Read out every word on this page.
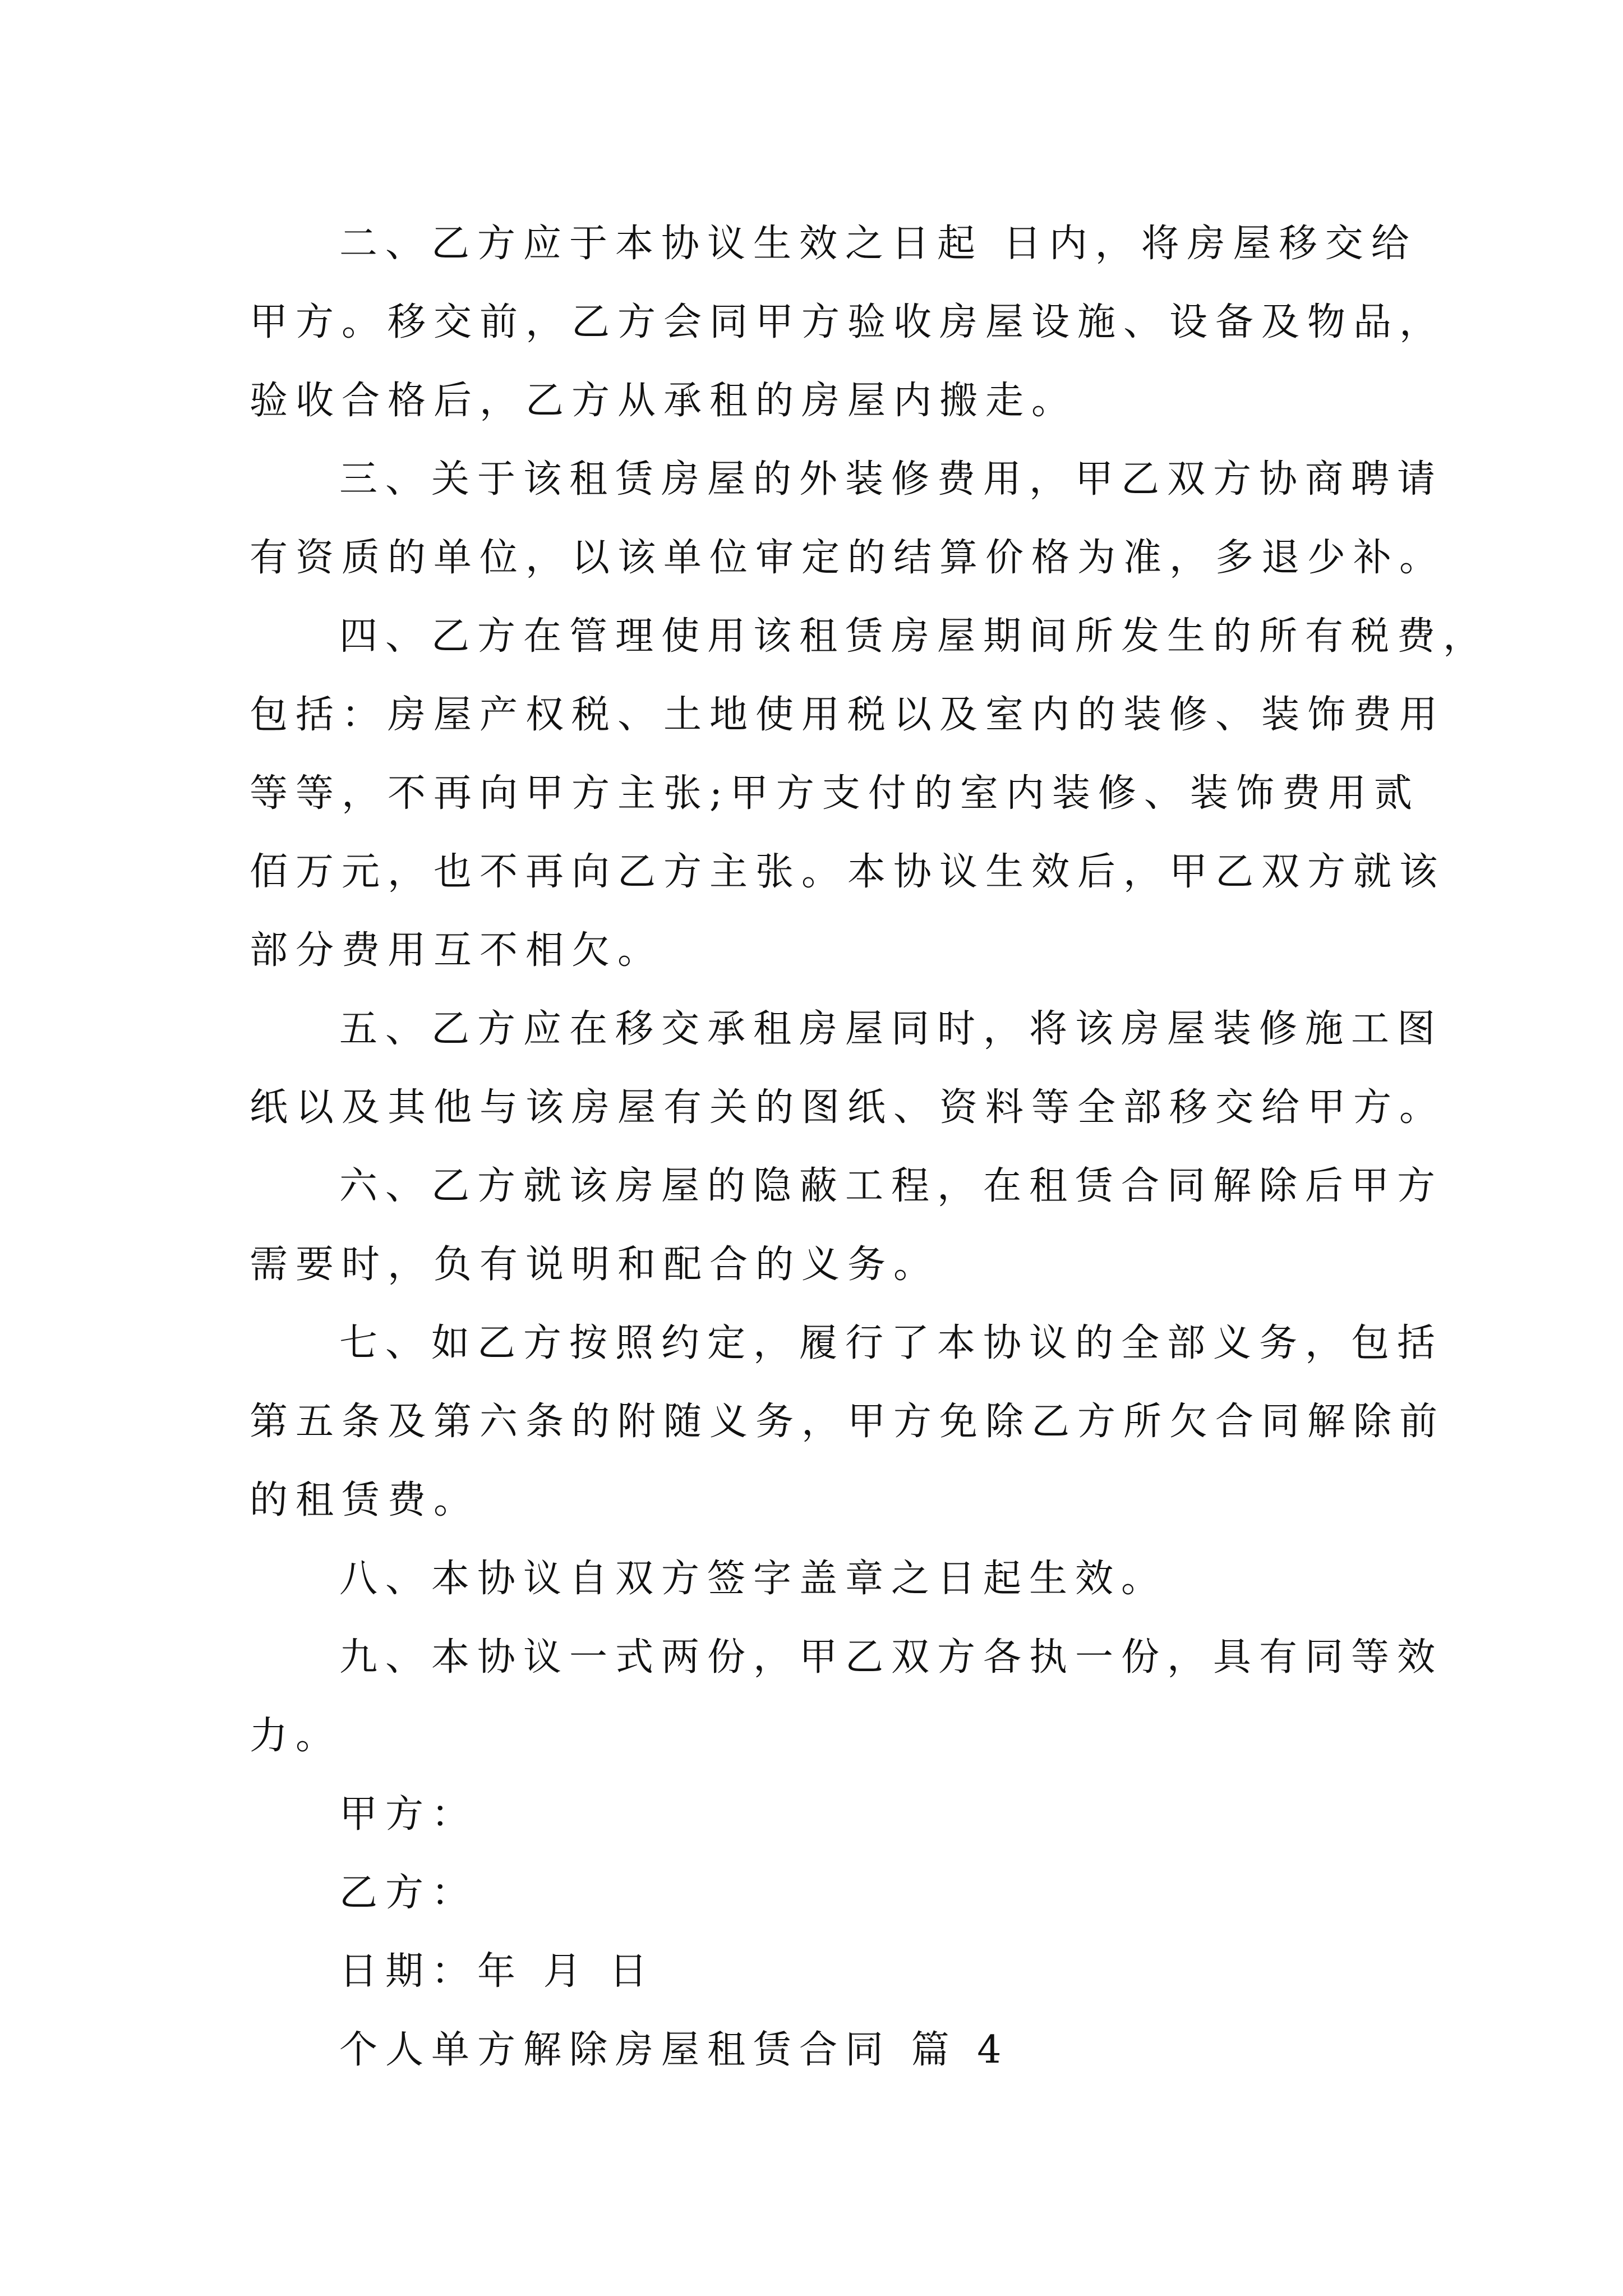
二、乙方应于本协议生效之日起 日内，将房屋移交给
甲方。移交前，乙方会同甲方验收房屋设施、设备及物品，
验收合格后，乙方从承租的房屋内搬走。
三、关于该租赁房屋的外装修费用，甲乙双方协商聘请
有资质的单位，以该单位审定的结算价格为准，多退少补。
四、乙方在管理使用该租赁房屋期间所发生的所有税费，
包括：房屋产权税、土地使用税以及室内的装修、装饰费用
等等，不再向甲方主张;甲方支付的室内装修、装饰费用贰
佰万元，也不再向乙方主张。本协议生效后，甲乙双方就该
部分费用互不相欠。
五、乙方应在移交承租房屋同时，将该房屋装修施工图
纸以及其他与该房屋有关的图纸、资料等全部移交给甲方。
六、乙方就该房屋的隐蔽工程，在租赁合同解除后甲方
需要时，负有说明和配合的义务。
七、如乙方按照约定，履行了本协议的全部义务，包括
第五条及第六条的附随义务，甲方免除乙方所欠合同解除前
的租赁费。
八、本协议自双方签字盖章之日起生效。
九、本协议一式两份，甲乙双方各执一份，具有同等效
力。
甲方：
乙方：
日期：年 月 日
个人单方解除房屋租赁合同 篇 4
